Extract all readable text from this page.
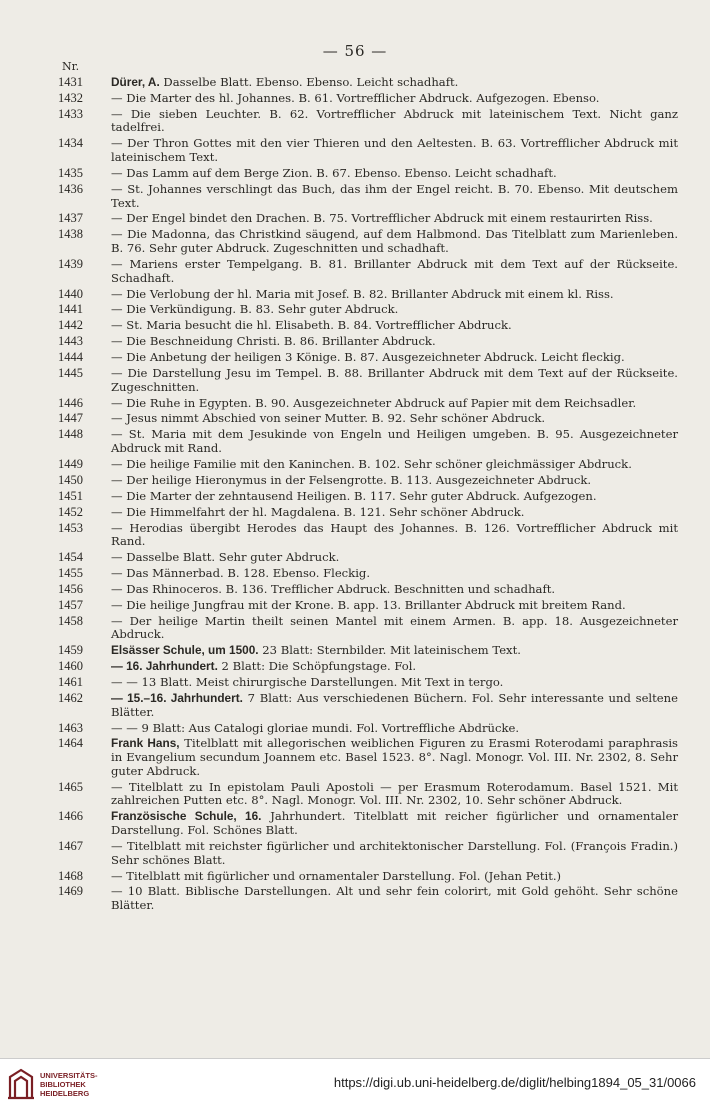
— 56 —
Nr.
1431	Dürer, A. Dasselbe Blatt. Ebenso. Ebenso. Leicht schadhaft.
1432	— Die Marter des hl. Johannes. B. 61. Vortrefflicher Abdruck. Aufgezogen. Ebenso.
1433	— Die sieben Leuchter. B. 62. Vortrefflicher Abdruck mit lateinischem Text. Nicht ganz tadelfrei.
1434	— Der Thron Gottes mit den vier Thieren und den Aeltesten. B. 63. Vortrefflicher Abdruck mit lateinischem Text.
1435	— Das Lamm auf dem Berge Zion. B. 67. Ebenso. Ebenso. Leicht schadhaft.
1436	— St. Johannes verschlingt das Buch, das ihm der Engel reicht. B. 70. Ebenso. Mit deutschem Text.
1437	— Der Engel bindet den Drachen. B. 75. Vortrefflicher Abdruck mit einem restaurirten Riss.
1438	— Die Madonna, das Christkind säugend, auf dem Halbmond. Das Titelblatt zum Marienleben. B. 76. Sehr guter Abdruck. Zugeschnitten und schadhaft.
1439	— Mariens erster Tempelgang. B. 81. Brillanter Abdruck mit dem Text auf der Rückseite. Schadhaft.
1440	— Die Verlobung der hl. Maria mit Josef. B. 82. Brillanter Abdruck mit einem kl. Riss.
1441	— Die Verkündigung. B. 83. Sehr guter Abdruck.
1442	— St. Maria besucht die hl. Elisabeth. B. 84. Vortrefflicher Abdruck.
1443	— Die Beschneidung Christi. B. 86. Brillanter Abdruck.
1444	— Die Anbetung der heiligen 3 Könige. B. 87. Ausgezeichneter Abdruck. Leicht fleckig.
1445	— Die Darstellung Jesu im Tempel. B. 88. Brillanter Abdruck mit dem Text auf der Rückseite. Zugeschnitten.
1446	— Die Ruhe in Egypten. B. 90. Ausgezeichneter Abdruck auf Papier mit dem Reichsadler.
1447	— Jesus nimmt Abschied von seiner Mutter. B. 92. Sehr schöner Abdruck.
1448	— St. Maria mit dem Jesukinde von Engeln und Heiligen umgeben. B. 95. Ausgezeichneter Abdruck mit Rand.
1449	— Die heilige Familie mit den Kaninchen. B. 102. Sehr schöner gleichmässiger Abdruck.
1450	— Der heilige Hieronymus in der Felsengrotte. B. 113. Ausgezeichneter Abdruck.
1451	— Die Marter der zehntausend Heiligen. B. 117. Sehr guter Abdruck. Aufgezogen.
1452	— Die Himmelfahrt der hl. Magdalena. B. 121. Sehr schöner Abdruck.
1453	— Herodias übergibt Herodes das Haupt des Johannes. B. 126. Vortrefflicher Abdruck mit Rand.
1454	— Dasselbe Blatt. Sehr guter Abdruck.
1455	— Das Männerbad. B. 128. Ebenso. Fleckig.
1456	— Das Rhinoceros. B. 136. Trefflicher Abdruck. Beschnitten und schadhaft.
1457	— Die heilige Jungfrau mit der Krone. B. app. 13. Brillanter Abdruck mit breitem Rand.
1458	— Der heilige Martin theilt seinen Mantel mit einem Armen. B. app. 18. Ausgezeichneter Abdruck.
1459	Elsässer Schule, um 1500. 23 Blatt: Sternbilder. Mit lateinischem Text.
1460	— 16. Jahrhundert. 2 Blatt: Die Schöpfungstage. Fol.
1461	— — 13 Blatt. Meist chirurgische Darstellungen. Mit Text in tergo.
1462	— 15.–16. Jahrhundert. 7 Blatt: Aus verschiedenen Büchern. Fol. Sehr interessante und seltene Blätter.
1463	— — 9 Blatt: Aus Catalogi gloriae mundi. Fol. Vortreffliche Abdrücke.
1464	Frank Hans, Titelblatt mit allegorischen weiblichen Figuren zu Erasmi Roterodami paraphrasis in Evangelium secundum Joannem etc. Basel 1523. 8°. Nagl. Monogr. Vol. III. Nr. 2302, 8. Sehr guter Abdruck.
1465	— Titelblatt zu In epistolam Pauli Apostoli — per Erasmum Roterodamum. Basel 1521. Mit zahlreichen Putten etc. 8°. Nagl. Monogr. Vol. III. Nr. 2302, 10. Sehr schöner Abdruck.
1466	Französische Schule, 16. Jahrhundert. Titelblatt mit reicher figürlicher und ornamentaler Darstellung. Fol. Schönes Blatt.
1467	— Titelblatt mit reichster figürlicher und architektonischer Darstellung. Fol. (François Fradin.) Sehr schönes Blatt.
1468	— Titelblatt mit figürlicher und ornamentaler Darstellung. Fol. (Jehan Petit.)
1469	— 10 Blatt. Biblische Darstellungen. Alt und sehr fein colorirt, mit Gold gehöht. Sehr schöne Blätter.
UNIVERSITÄTS-
BIBLIOTHEK
HEIDELBERG
https://digi.ub.uni-heidelberg.de/diglit/helbing1894_05_31/0066
